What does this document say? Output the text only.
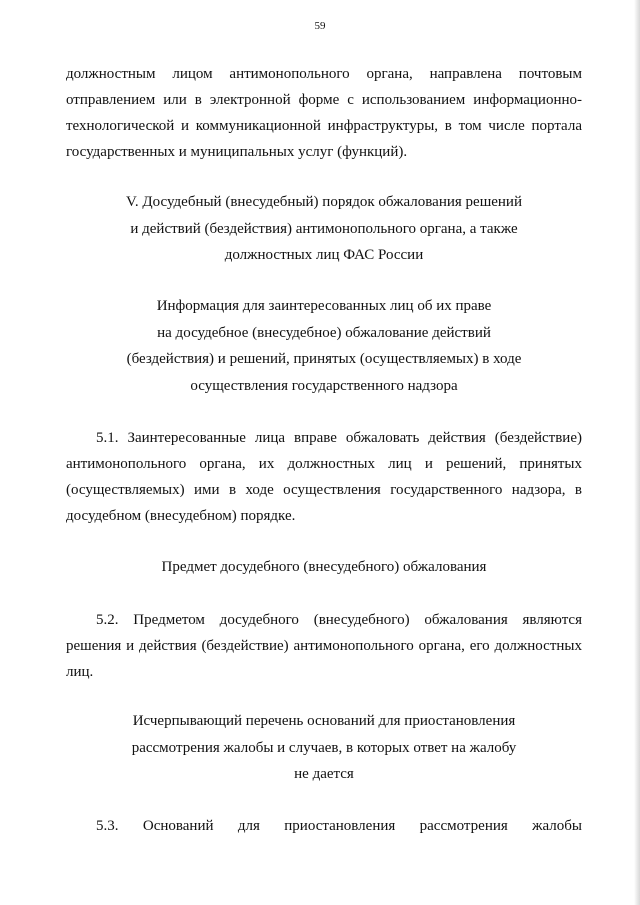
59
должностным лицом антимонопольного органа, направлена почтовым
отправлением или в электронной форме с использованием информационно-
технологической и коммуникационной инфраструктуры, в том числе портала
государственных и муниципальных услуг (функций).
V. Досудебный (внесудебный) порядок обжалования решений
и действий (бездействия) антимонопольного органа, а также
должностных лиц ФАС России
Информация для заинтересованных лиц об их праве
на досудебное (внесудебное) обжалование действий
(бездействия) и решений, принятых (осуществляемых) в ходе
осуществления государственного надзора
5.1. Заинтересованные лица вправе обжаловать действия (бездействие)
антимонопольного органа, их должностных лиц и решений, принятых
(осуществляемых) ими в ходе осуществления государственного надзора, в
досудебном (внесудебном) порядке.
Предмет досудебного (внесудебного) обжалования
5.2. Предметом досудебного (внесудебного) обжалования являются
решения и действия (бездействие) антимонопольного органа, его должностных
лиц.
Исчерпывающий перечень оснований для приостановления
рассмотрения жалобы и случаев, в которых ответ на жалобу
не дается
5.3. Оснований для приостановления рассмотрения жалобы
